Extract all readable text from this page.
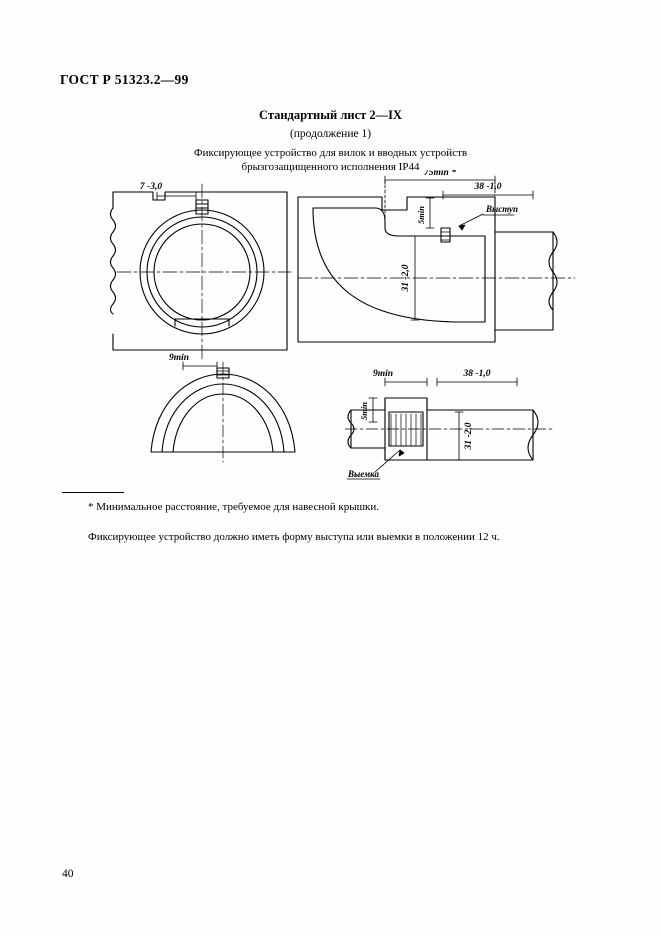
ГОСТ Р 51323.2—99
Стандартный лист 2—IX
(продолжение 1)
Фиксирующее устройство для вилок и вводных устройств
брызгозащищенного исполнения IP44
7 -3,0
75min *
38 -1,0
5min
31 -2,0
Выступ
9min
9min	38 -1,0
5min
31 -2,0
Выемка
* Минимальное расстояние, требуемое для навесной крышки.
Фиксирующее устройство должно иметь форму выступа или выемки в положении 12 ч.
40
